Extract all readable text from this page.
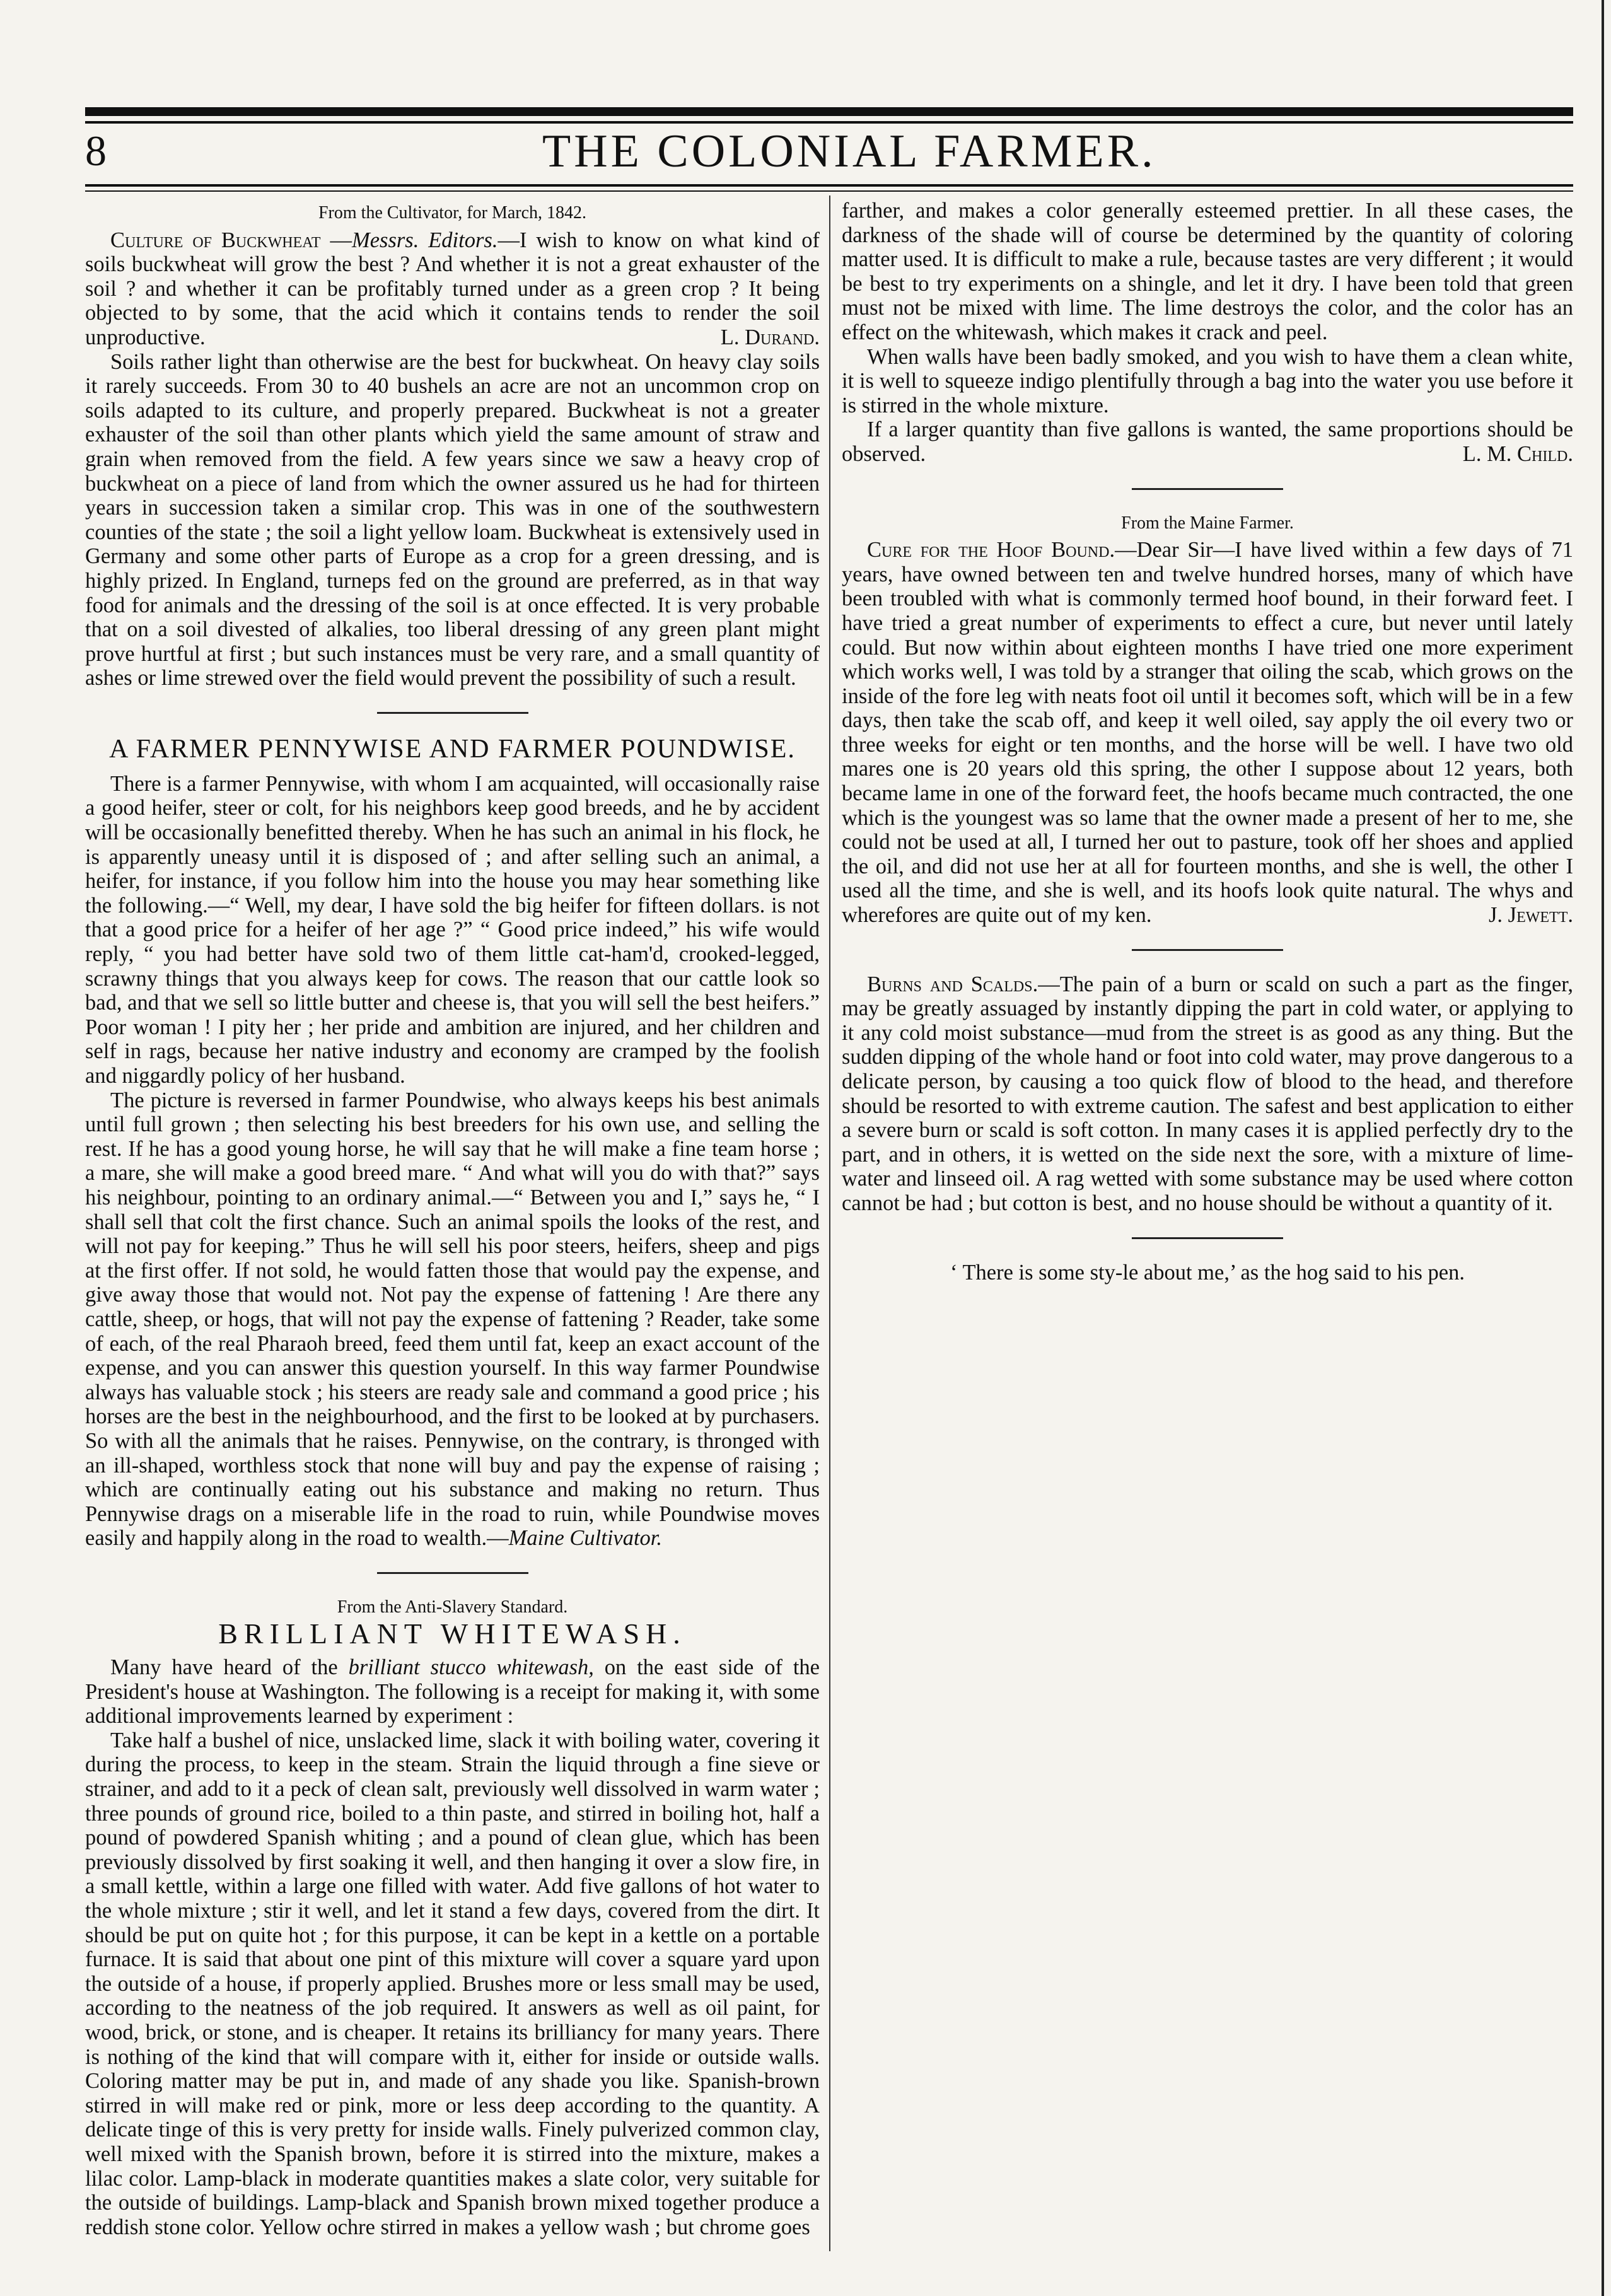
8	THE COLONIAL FARMER.
From the Cultivator, for March, 1842.

Culture of Buckwheat —Messrs. Editors.—I wish to know on what kind of soils buckwheat will grow the best ? And whether it is not a great exhauster of the soil ? and whether it can be profitably turned under as a green crop ? It being objected to by some, that the acid which it contains tends to render the soil unproductive.	L. Durand.

Soils rather light than otherwise are the best for buckwheat. On heavy clay soils it rarely succeeds. From 30 to 40 bushels an acre are not an uncommon crop on soils adapted to its culture, and properly prepared. Buckwheat is not a greater exhauster of the soil than other plants which yield the same amount of straw and grain when removed from the field. A few years since we saw a heavy crop of buckwheat on a piece of land from which the owner assured us he had for thirteen years in succession taken a similar crop. This was in one of the southwestern counties of the state ; the soil a light yellow loam. Buckwheat is extensively used in Germany and some other parts of Europe as a crop for a green dressing, and is highly prized. In England, turneps fed on the ground are preferred, as in that way food for animals and the dressing of the soil is at once effected. It is very probable that on a soil divested of alkalies, too liberal dressing of any green plant might prove hurtful at first ; but such instances must be very rare, and a small quantity of ashes or lime strewed over the field would prevent the possibility of such a result.

A FARMER PENNYWISE AND FARMER POUNDWISE.

There is a farmer Pennywise, with whom I am acquainted, will occasionally raise a good heifer, steer or colt, for his neighbors keep good breeds, and he by accident will be occasionally benefitted thereby. When he has such an animal in his flock, he is apparently uneasy until it is disposed of ; and after selling such an animal, a heifer, for instance, if you follow him into the house you may hear something like the following.—“ Well, my dear, I have sold the big heifer for fifteen dollars. is not that a good price for a heifer of her age ?” “ Good price indeed,” his wife would reply, “ you had better have sold two of them little cat-ham'd, crooked-legged, scrawny things that you always keep for cows. The reason that our cattle look so bad, and that we sell so little butter and cheese is, that you will sell the best heifers.” Poor woman ! I pity her ; her pride and ambition are injured, and her children and self in rags, because her native industry and economy are cramped by the foolish and niggardly policy of her husband.

The picture is reversed in farmer Poundwise, who always keeps his best animals until full grown ; then selecting his best breeders for his own use, and selling the rest. If he has a good young horse, he will say that he will make a fine team horse ; a mare, she will make a good breed mare. “ And what will you do with that?” says his neighbour, pointing to an ordinary animal.—“ Between you and I,” says he, “ I shall sell that colt the first chance. Such an animal spoils the looks of the rest, and will not pay for keeping.” Thus he will sell his poor steers, heifers, sheep and pigs at the first offer. If not sold, he would fatten those that would pay the expense, and give away those that would not. Not pay the expense of fattening ! Are there any cattle, sheep, or hogs, that will not pay the expense of fattening ? Reader, take some of each, of the real Pharaoh breed, feed them until fat, keep an exact account of the expense, and you can answer this question yourself. In this way farmer Poundwise always has valuable stock ; his steers are ready sale and command a good price ; his horses are the best in the neighbourhood, and the first to be looked at by purchasers. So with all the animals that he raises. Pennywise, on the contrary, is thronged with an ill-shaped, worthless stock that none will buy and pay the expense of raising ; which are continually eating out his substance and making no return. Thus Pennywise drags on a miserable life in the road to ruin, while Poundwise moves easily and happily along in the road to wealth.—Maine Cultivator.

From the Anti-Slavery Standard.
BRILLIANT WHITEWASH.

Many have heard of the brilliant stucco whitewash, on the east side of the President's house at Washington. The following is a receipt for making it, with some additional improvements learned by experiment :

Take half a bushel of nice, unslacked lime, slack it with boiling water, covering it during the process, to keep in the steam. Strain the liquid through a fine sieve or strainer, and add to it a peck of clean salt, previously well dissolved in warm water ; three pounds of ground rice, boiled to a thin paste, and stirred in boiling hot, half a pound of powdered Spanish whiting ; and a pound of clean glue, which has been previously dissolved by first soaking it well, and then hanging it over a slow fire, in a small kettle, within a large one filled with water. Add five gallons of hot water to the whole mixture ; stir it well, and let it stand a few days, covered from the dirt. It should be put on quite hot ; for this purpose, it can be kept in a kettle on a portable furnace. It is said that about one pint of this mixture will cover a square yard upon the outside of a house, if properly applied. Brushes more or less small may be used, according to the neatness of the job required. It answers as well as oil paint, for wood, brick, or stone, and is cheaper. It retains its brilliancy for many years. There is nothing of the kind that will compare with it, either for inside or outside walls. Coloring matter may be put in, and made of any shade you like. Spanish-brown stirred in will make red or pink, more or less deep according to the quantity. A delicate tinge of this is very pretty for inside walls. Finely pulverized common clay, well mixed with the Spanish brown, before it is stirred into the mixture, makes a lilac color. Lamp-black in moderate quantities makes a slate color, very suitable for the outside of buildings. Lamp-black and Spanish brown mixed together produce a reddish stone color. Yellow ochre stirred in makes a yellow wash ; but chrome goes

farther, and makes a color generally esteemed prettier. In all these cases, the darkness of the shade will of course be determined by the quantity of coloring matter used. It is difficult to make a rule, because tastes are very different ; it would be best to try experiments on a shingle, and let it dry. I have been told that green must not be mixed with lime. The lime destroys the color, and the color has an effect on the whitewash, which makes it crack and peel.

When walls have been badly smoked, and you wish to have them a clean white, it is well to squeeze indigo plentifully through a bag into the water you use before it is stirred in the whole mixture.

If a larger quantity than five gallons is wanted, the same proportions should be observed.	L. M. Child.

From the Maine Farmer.

Cure for the Hoof Bound.—Dear Sir—I have lived within a few days of 71 years, have owned between ten and twelve hundred horses, many of which have been troubled with what is commonly termed hoof bound, in their forward feet. I have tried a great number of experiments to effect a cure, but never until lately could. But now within about eighteen months I have tried one more experiment which works well, I was told by a stranger that oiling the scab, which grows on the inside of the fore leg with neats foot oil until it becomes soft, which will be in a few days, then take the scab off, and keep it well oiled, say apply the oil every two or three weeks for eight or ten months, and the horse will be well. I have two old mares one is 20 years old this spring, the other I suppose about 12 years, both became lame in one of the forward feet, the hoofs became much contracted, the one which is the youngest was so lame that the owner made a present of her to me, she could not be used at all, I turned her out to pasture, took off her shoes and applied the oil, and did not use her at all for fourteen months, and she is well, the other I used all the time, and she is well, and its hoofs look quite natural. The whys and wherefores are quite out of my ken.	J. Jewett.

Burns and Scalds.—The pain of a burn or scald on such a part as the finger, may be greatly assuaged by instantly dipping the part in cold water, or applying to it any cold moist substance—mud from the street is as good as any thing. But the sudden dipping of the whole hand or foot into cold water, may prove dangerous to a delicate person, by causing a too quick flow of blood to the head, and therefore should be resorted to with extreme caution. The safest and best application to either a severe burn or scald is soft cotton. In many cases it is applied perfectly dry to the part, and in others, it is wetted on the side next the sore, with a mixture of lime-water and linseed oil. A rag wetted with some substance may be used where cotton cannot be had ; but cotton is best, and no house should be without a quantity of it.

‘ There is some sty-le about me,’ as the hog said to his pen.
